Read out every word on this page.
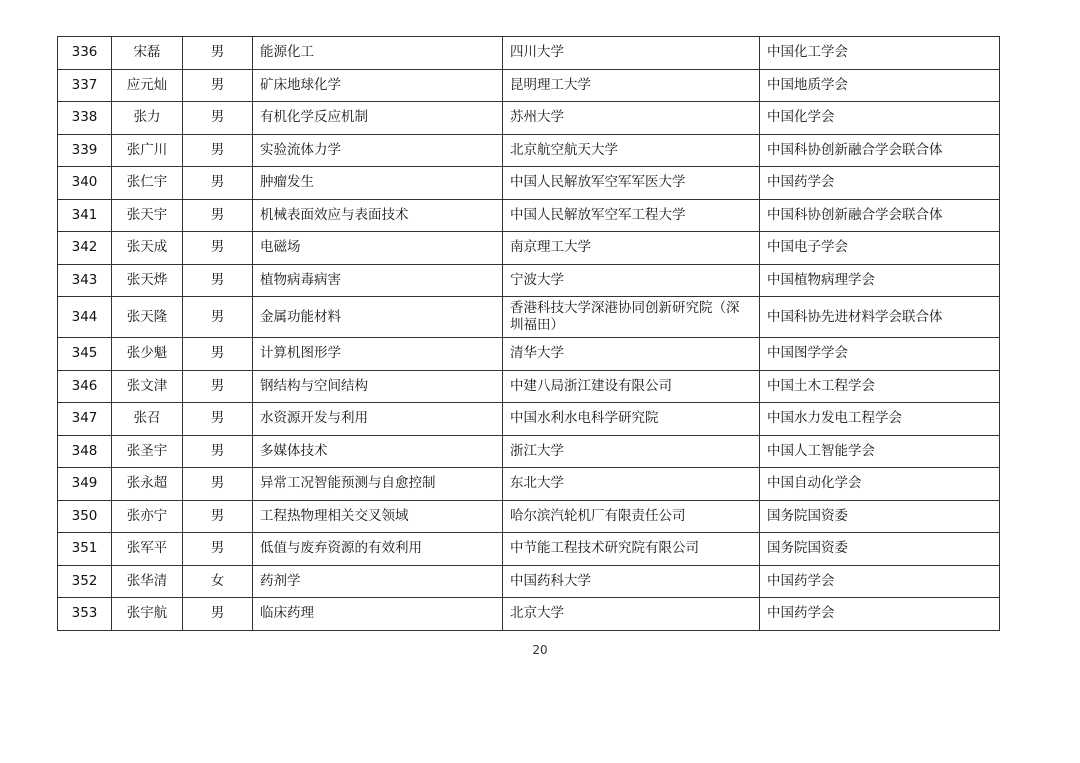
336	宋磊	男	能源化工	四川大学	中国化工学会
337	应元灿	男	矿床地球化学	昆明理工大学	中国地质学会
338	张力	男	有机化学反应机制	苏州大学	中国化学会
339	张广川	男	实验流体力学	北京航空航天大学	中国科协创新融合学会联合体
340	张仁宇	男	肿瘤发生	中国人民解放军空军军医大学	中国药学会
341	张天宇	男	机械表面效应与表面技术	中国人民解放军空军工程大学	中国科协创新融合学会联合体
342	张天成	男	电磁场	南京理工大学	中国电子学会
343	张天烨	男	植物病毒病害	宁波大学	中国植物病理学会
344	张天隆	男	金属功能材料	香港科技大学深港协同创新研究院（深圳福田）	中国科协先进材料学会联合体
345	张少魁	男	计算机图形学	清华大学	中国图学学会
346	张文津	男	钢结构与空间结构	中建八局浙江建设有限公司	中国土木工程学会
347	张召	男	水资源开发与利用	中国水利水电科学研究院	中国水力发电工程学会
348	张圣宇	男	多媒体技术	浙江大学	中国人工智能学会
349	张永超	男	异常工况智能预测与自愈控制	东北大学	中国自动化学会
350	张亦宁	男	工程热物理相关交叉领域	哈尔滨汽轮机厂有限责任公司	国务院国资委
351	张军平	男	低值与废弃资源的有效利用	中节能工程技术研究院有限公司	国务院国资委
352	张华清	女	药剂学	中国药科大学	中国药学会
353	张宇航	男	临床药理	北京大学	中国药学会
20
